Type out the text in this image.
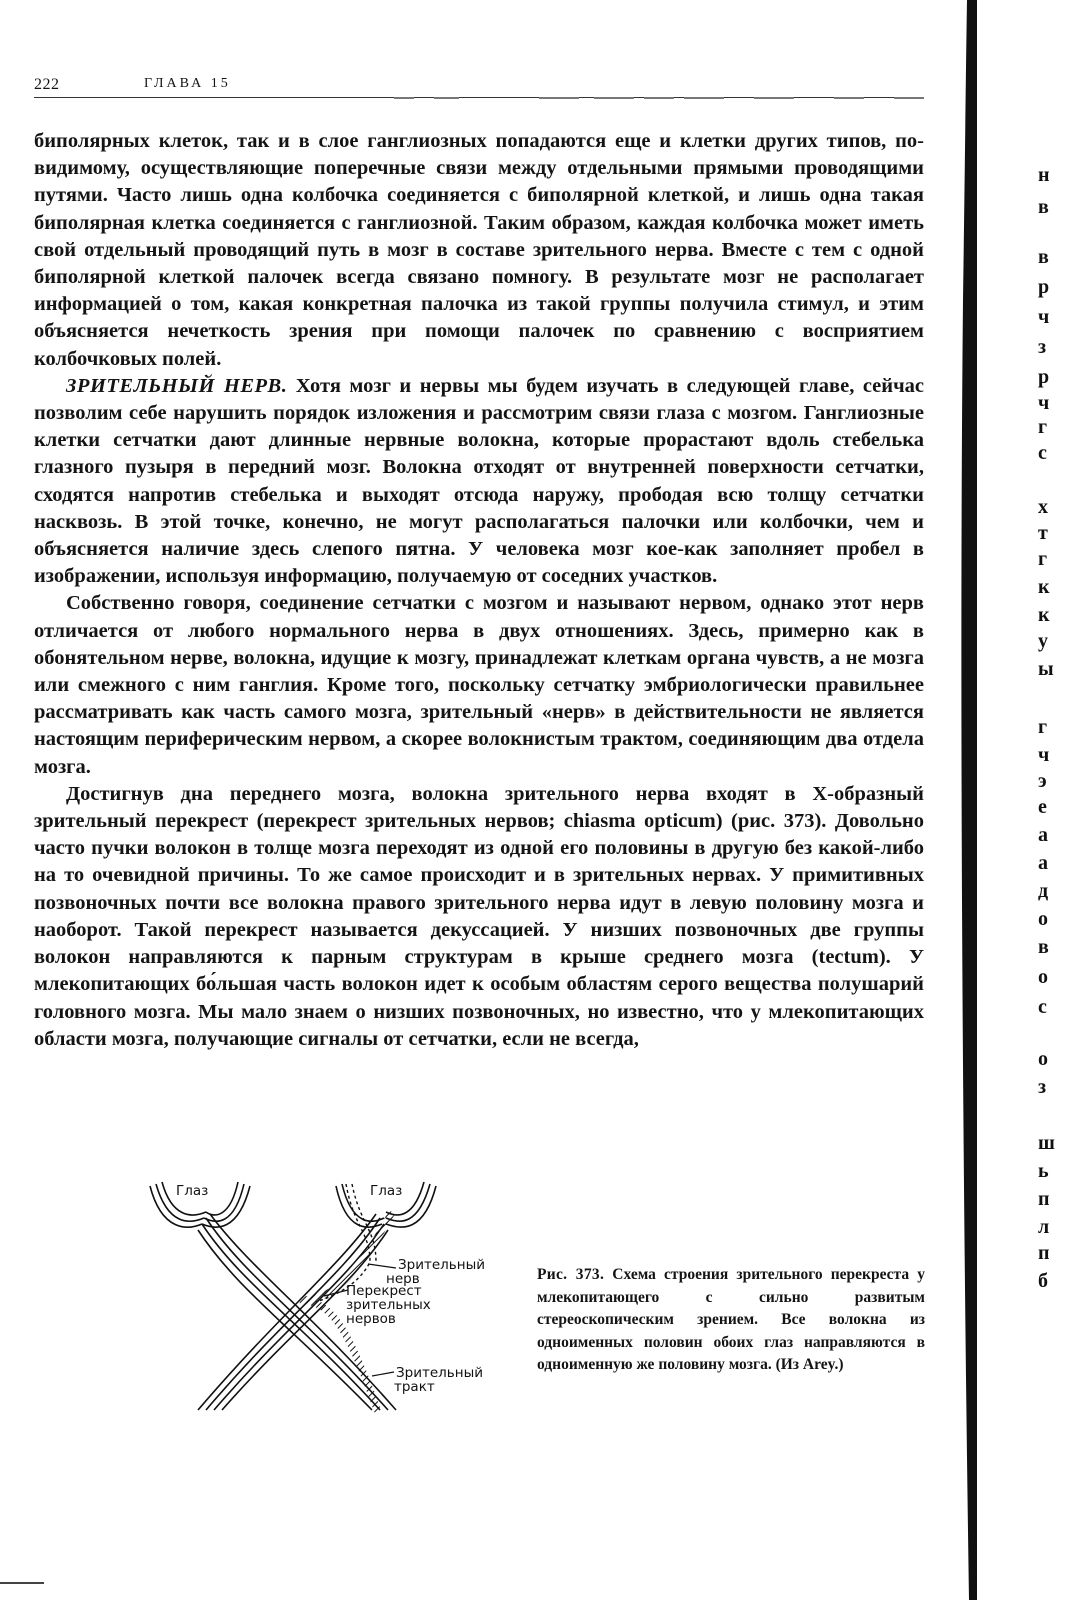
222	ГЛАВА 15

биполярных клеток, так и в слое ганглиозных попадаются еще и клетки других типов, по-видимому, осуществляющие поперечные связи между отдельными прямыми проводящими путями. Часто лишь одна колбочка соединяется с биполярной клеткой, и лишь одна такая биполярная клетка соединяется с ганглиозной. Таким образом, каждая колбочка может иметь свой отдельный проводящий путь в мозг в составе зрительного нерва. Вместе с тем с одной биполярной клеткой палочек всегда связано помногу. В результате мозг не располагает информацией о том, какая конкретная палочка из такой группы получила стимул, и этим объясняется нечеткость зрения при помощи палочек по сравнению с восприятием колбочковых полей.

ЗРИТЕЛЬНЫЙ НЕРВ. Хотя мозг и нервы мы будем изучать в следующей главе, сейчас позволим себе нарушить порядок изложения и рассмотрим связи глаза с мозгом. Ганглиозные клетки сетчатки дают длинные нервные волокна, которые прорастают вдоль стебелька глазного пузыря в передний мозг. Волокна отходят от внутренней поверхности сетчатки, сходятся напротив стебелька и выходят отсюда наружу, прободая всю толщу сетчатки насквозь. В этой точке, конечно, не могут располагаться палочки или колбочки, чем и объясняется наличие здесь слепого пятна. У человека мозг кое-как заполняет пробел в изображении, используя информацию, получаемую от соседних участков.

Собственно говоря, соединение сетчатки с мозгом и называют нервом, однако этот нерв отличается от любого нормального нерва в двух отношениях. Здесь, примерно как в обонятельном нерве, волокна, идущие к мозгу, принадлежат клеткам органа чувств, а не мозга или смежного с ним ганглия. Кроме того, поскольку сетчатку эмбриологически правильнее рассматривать как часть самого мозга, зрительный «нерв» в действительности не является настоящим периферическим нервом, а скорее волокнистым трактом, соединяющим два отдела мозга.

Достигнув дна переднего мозга, волокна зрительного нерва входят в Х-образный зрительный перекрест (перекрест зрительных нервов; chiasma opticum) (рис. 373). Довольно часто пучки волокон в толще мозга переходят из одной его половины в другую без какой-либо на то очевидной причины. То же самое происходит и в зрительных нервах. У примитивных позвоночных почти все волокна правого зрительного нерва идут в левую половину мозга и наоборот. Такой перекрест называется декуссацией. У низших позвоночных две группы волокон направляются к парным структурам в крыше среднего мозга (tectum). У млекопитающих бо́льшая часть волокон идет к особым областям серого вещества полушарий головного мозга. Мы мало знаем о низших позвоночных, но известно, что у млекопитающих области мозга, получающие сигналы от сетчатки, если не всегда,

Глаз	Глаз
Зрительный
нерв
Перекрест
зрительных
нервов
Зрительный
тракт
Рис. 373. Схема строения зрительного перекреста у млекопитающего с сильно развитым стереоскопическим зрением. Все волокна из одноименных половин обоих глаз направляются в одноименную же половину мозга. (Из Arey.)
н
в
в
р
ч
з
р
ч
г
с
х
т
г
к
к
у
ы
г
ч
э
е
а
а
д
о
в
о
с
о
з
ш
ь
п
л
п
б
